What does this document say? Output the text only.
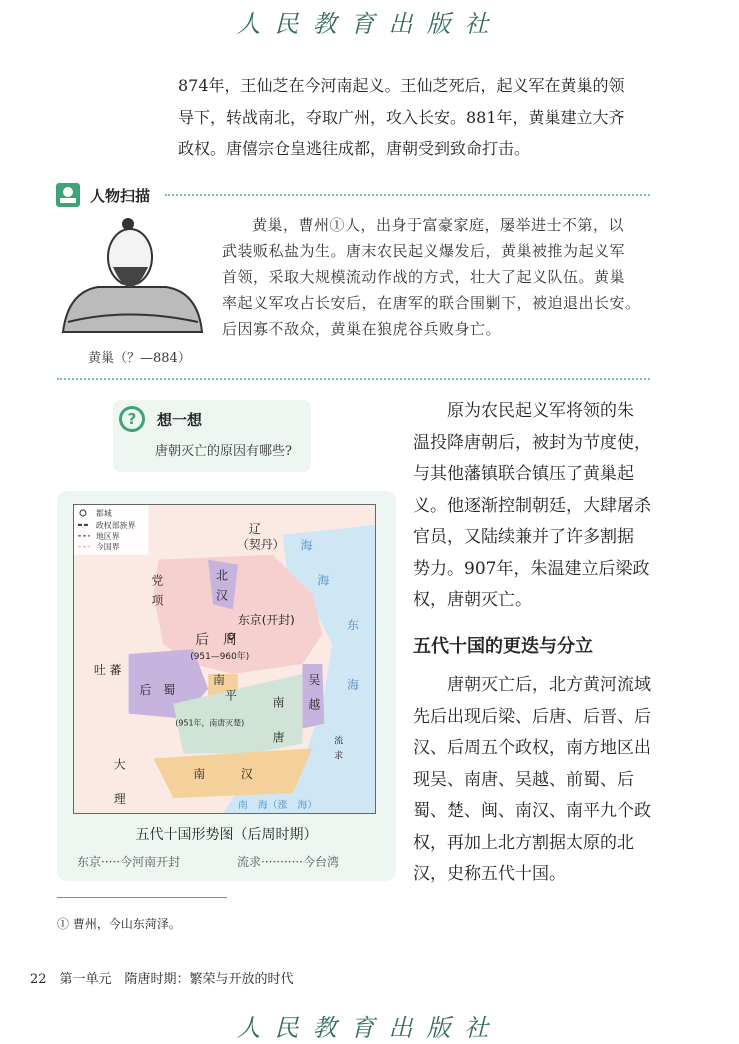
人民教育出版社
874年，王仙芝在今河南起义。王仙芝死后，起义军在黄巢的领
导下，转战南北，夺取广州，攻入长安。881年，黄巢建立大齐
政权。唐僖宗仓皇逃往成都，唐朝受到致命打击。
人物扫描
黄巢（？—884）
黄巢，曹州①人，出身于富豪家庭，屡举进士不第，以
武装贩私盐为生。唐末农民起义爆发后，黄巢被推为起义军
首领，采取大规模流动作战的方式，壮大了起义队伍。黄巢
率起义军攻占长安后，在唐军的联合围剿下，被迫退出长安。
后因寡不敌众，黄巢在狼虎谷兵败身亡。
?	想一想
唐朝灭亡的原因有哪些?
都城
政权部族界
地区界
今国界
辽
（契丹）
北
汉
党
项
东京(开封)
后　周
(951—960年)
吐 蕃
后　蜀
南
平
吴
越
南
唐
(951年，南唐灭楚)
流
求
大
理
南　　　汉
南　海（涨　海）
东
海
海
海
五代十国形势图（后周时期）
东京·····今河南开封	流求···········今台湾
原为农民起义军将领的朱
温投降唐朝后，被封为节度使，
与其他藩镇联合镇压了黄巢起
义。他逐渐控制朝廷，大肆屠杀
官员，又陆续兼并了许多割据
势力。907年，朱温建立后梁政
权，唐朝灭亡。
五代十国的更迭与分立
唐朝灭亡后，北方黄河流域
先后出现后梁、后唐、后晋、后
汉、后周五个政权，南方地区出
现吴、南唐、吴越、前蜀、后
蜀、楚、闽、南汉、南平九个政
权，再加上北方割据太原的北
汉，史称五代十国。
① 曹州，今山东菏泽。
22　第一单元　隋唐时期：繁荣与开放的时代
人民教育出版社
